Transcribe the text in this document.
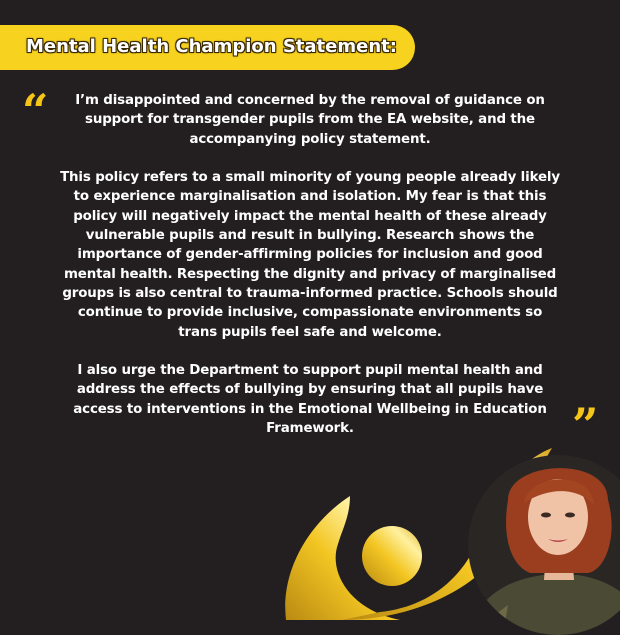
Mental Health Champion Statement:
“	I’m disappointed and concerned by the removal of guidance on support for transgender pupils from the EA website, and the accompanying policy statement.

This policy refers to a small minority of young people already likely to experience marginalisation and isolation. My fear is that this policy will negatively impact the mental health of these already vulnerable pupils and result in bullying. Research shows the importance of gender-affirming policies for inclusion and good mental health. Respecting the dignity and privacy of marginalised groups is also central to trauma-informed practice. Schools should continue to provide inclusive, compassionate environments so trans pupils feel safe and welcome.

I also urge the Department to support pupil mental health and address the effects of bullying by ensuring that all pupils have access to interventions in the Emotional Wellbeing in Education Framework.	”
